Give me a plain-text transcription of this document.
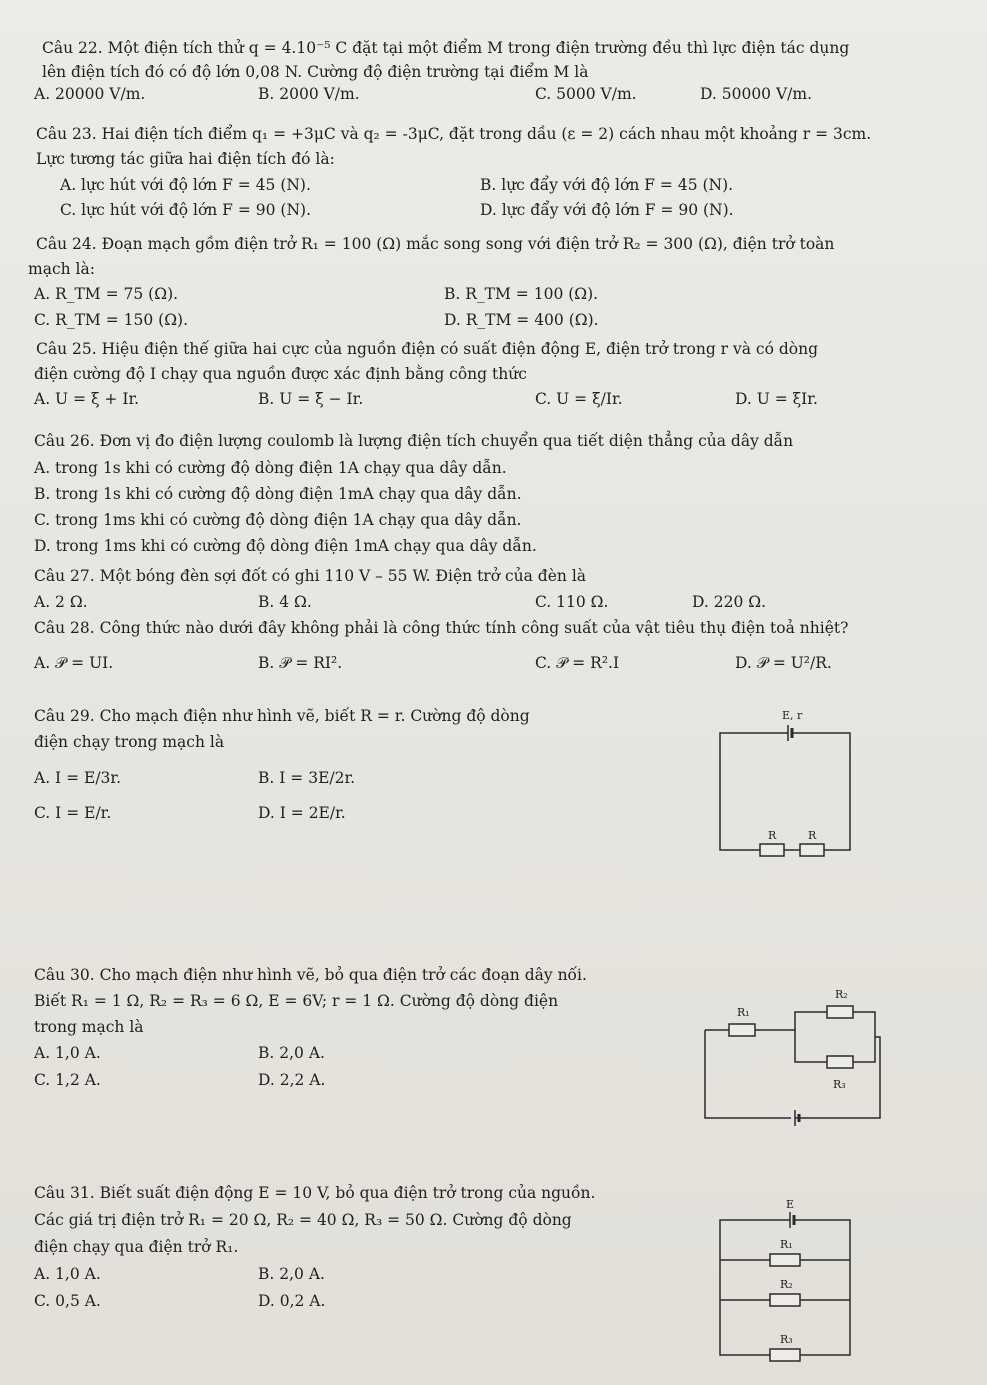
Câu 22. Một điện tích thử q = 4.10⁻⁵ C đặt tại một điểm M trong điện trường đều thì lực điện tác dụng
lên điện tích đó có độ lớn 0,08 N. Cường độ điện trường tại điểm M là
A. 20000 V/m.	B. 2000 V/m.	C. 5000 V/m.	D. 50000 V/m.
Câu 23. Hai điện tích điểm q₁ = +3μC và q₂ = -3μC, đặt trong dầu (ε = 2) cách nhau một khoảng r = 3cm.
Lực tương tác giữa hai điện tích đó là:
A. lực hút với độ lớn F = 45 (N).	B. lực đẩy với độ lớn F = 45 (N).
C. lực hút với độ lớn F = 90 (N).	D. lực đẩy với độ lớn F = 90 (N).
Câu 24. Đoạn mạch gồm điện trở R₁ = 100 (Ω) mắc song song với điện trở R₂ = 300 (Ω), điện trở toàn
mạch là:
A. R_TM = 75 (Ω).	B. R_TM = 100 (Ω).
C. R_TM = 150 (Ω).	D. R_TM = 400 (Ω).
Câu 25. Hiệu điện thế giữa hai cực của nguồn điện có suất điện động E, điện trở trong r và có dòng
điện cường độ I chạy qua nguồn được xác định bằng công thức
A. U = ξ + Ir.	B. U = ξ − Ir.	C. U = ξ/Ir.	D. U = ξIr.
Câu 26. Đơn vị đo điện lượng coulomb là lượng điện tích chuyển qua tiết diện thẳng của dây dẫn
A. trong 1s khi có cường độ dòng điện 1A chạy qua dây dẫn.
B. trong 1s khi có cường độ dòng điện 1mA chạy qua dây dẫn.
C. trong 1ms khi có cường độ dòng điện 1A chạy qua dây dẫn.
D. trong 1ms khi có cường độ dòng điện 1mA chạy qua dây dẫn.
Câu 27. Một bóng đèn sợi đốt có ghi 110 V – 55 W. Điện trở của đèn là
A. 2 Ω.	B. 4 Ω.	C. 110 Ω.	D. 220 Ω.
Câu 28. Công thức nào dưới đây không phải là công thức tính công suất của vật tiêu thụ điện toả nhiệt?
A. 𝒫 = UI.	B. 𝒫 = RI².	C. 𝒫 = R².I	D. 𝒫 = U²/R.
Câu 29. Cho mạch điện như hình vẽ, biết R = r. Cường độ dòng
điện chạy trong mạch là
A. I = E/3r.	B. I = 3E/2r.
C. I = E/r.	D. I = 2E/r.
E, r
R	R
Câu 30. Cho mạch điện như hình vẽ, bỏ qua điện trở các đoạn dây nối.
Biết R₁ = 1 Ω, R₂ = R₃ = 6 Ω, E = 6V; r = 1 Ω. Cường độ dòng điện
trong mạch là
A. 1,0 A.	B. 2,0 A.
C. 1,2 A.	D. 2,2 A.
R₁
R₂
R₃
Câu 31. Biết suất điện động E = 10 V, bỏ qua điện trở trong của nguồn.
Các giá trị điện trở R₁ = 20 Ω, R₂ = 40 Ω, R₃ = 50 Ω. Cường độ dòng
điện chạy qua điện trở R₁.
A. 1,0 A.	B. 2,0 A.
C. 0,5 A.	D. 0,2 A.
E
R₁
R₂
R₃
